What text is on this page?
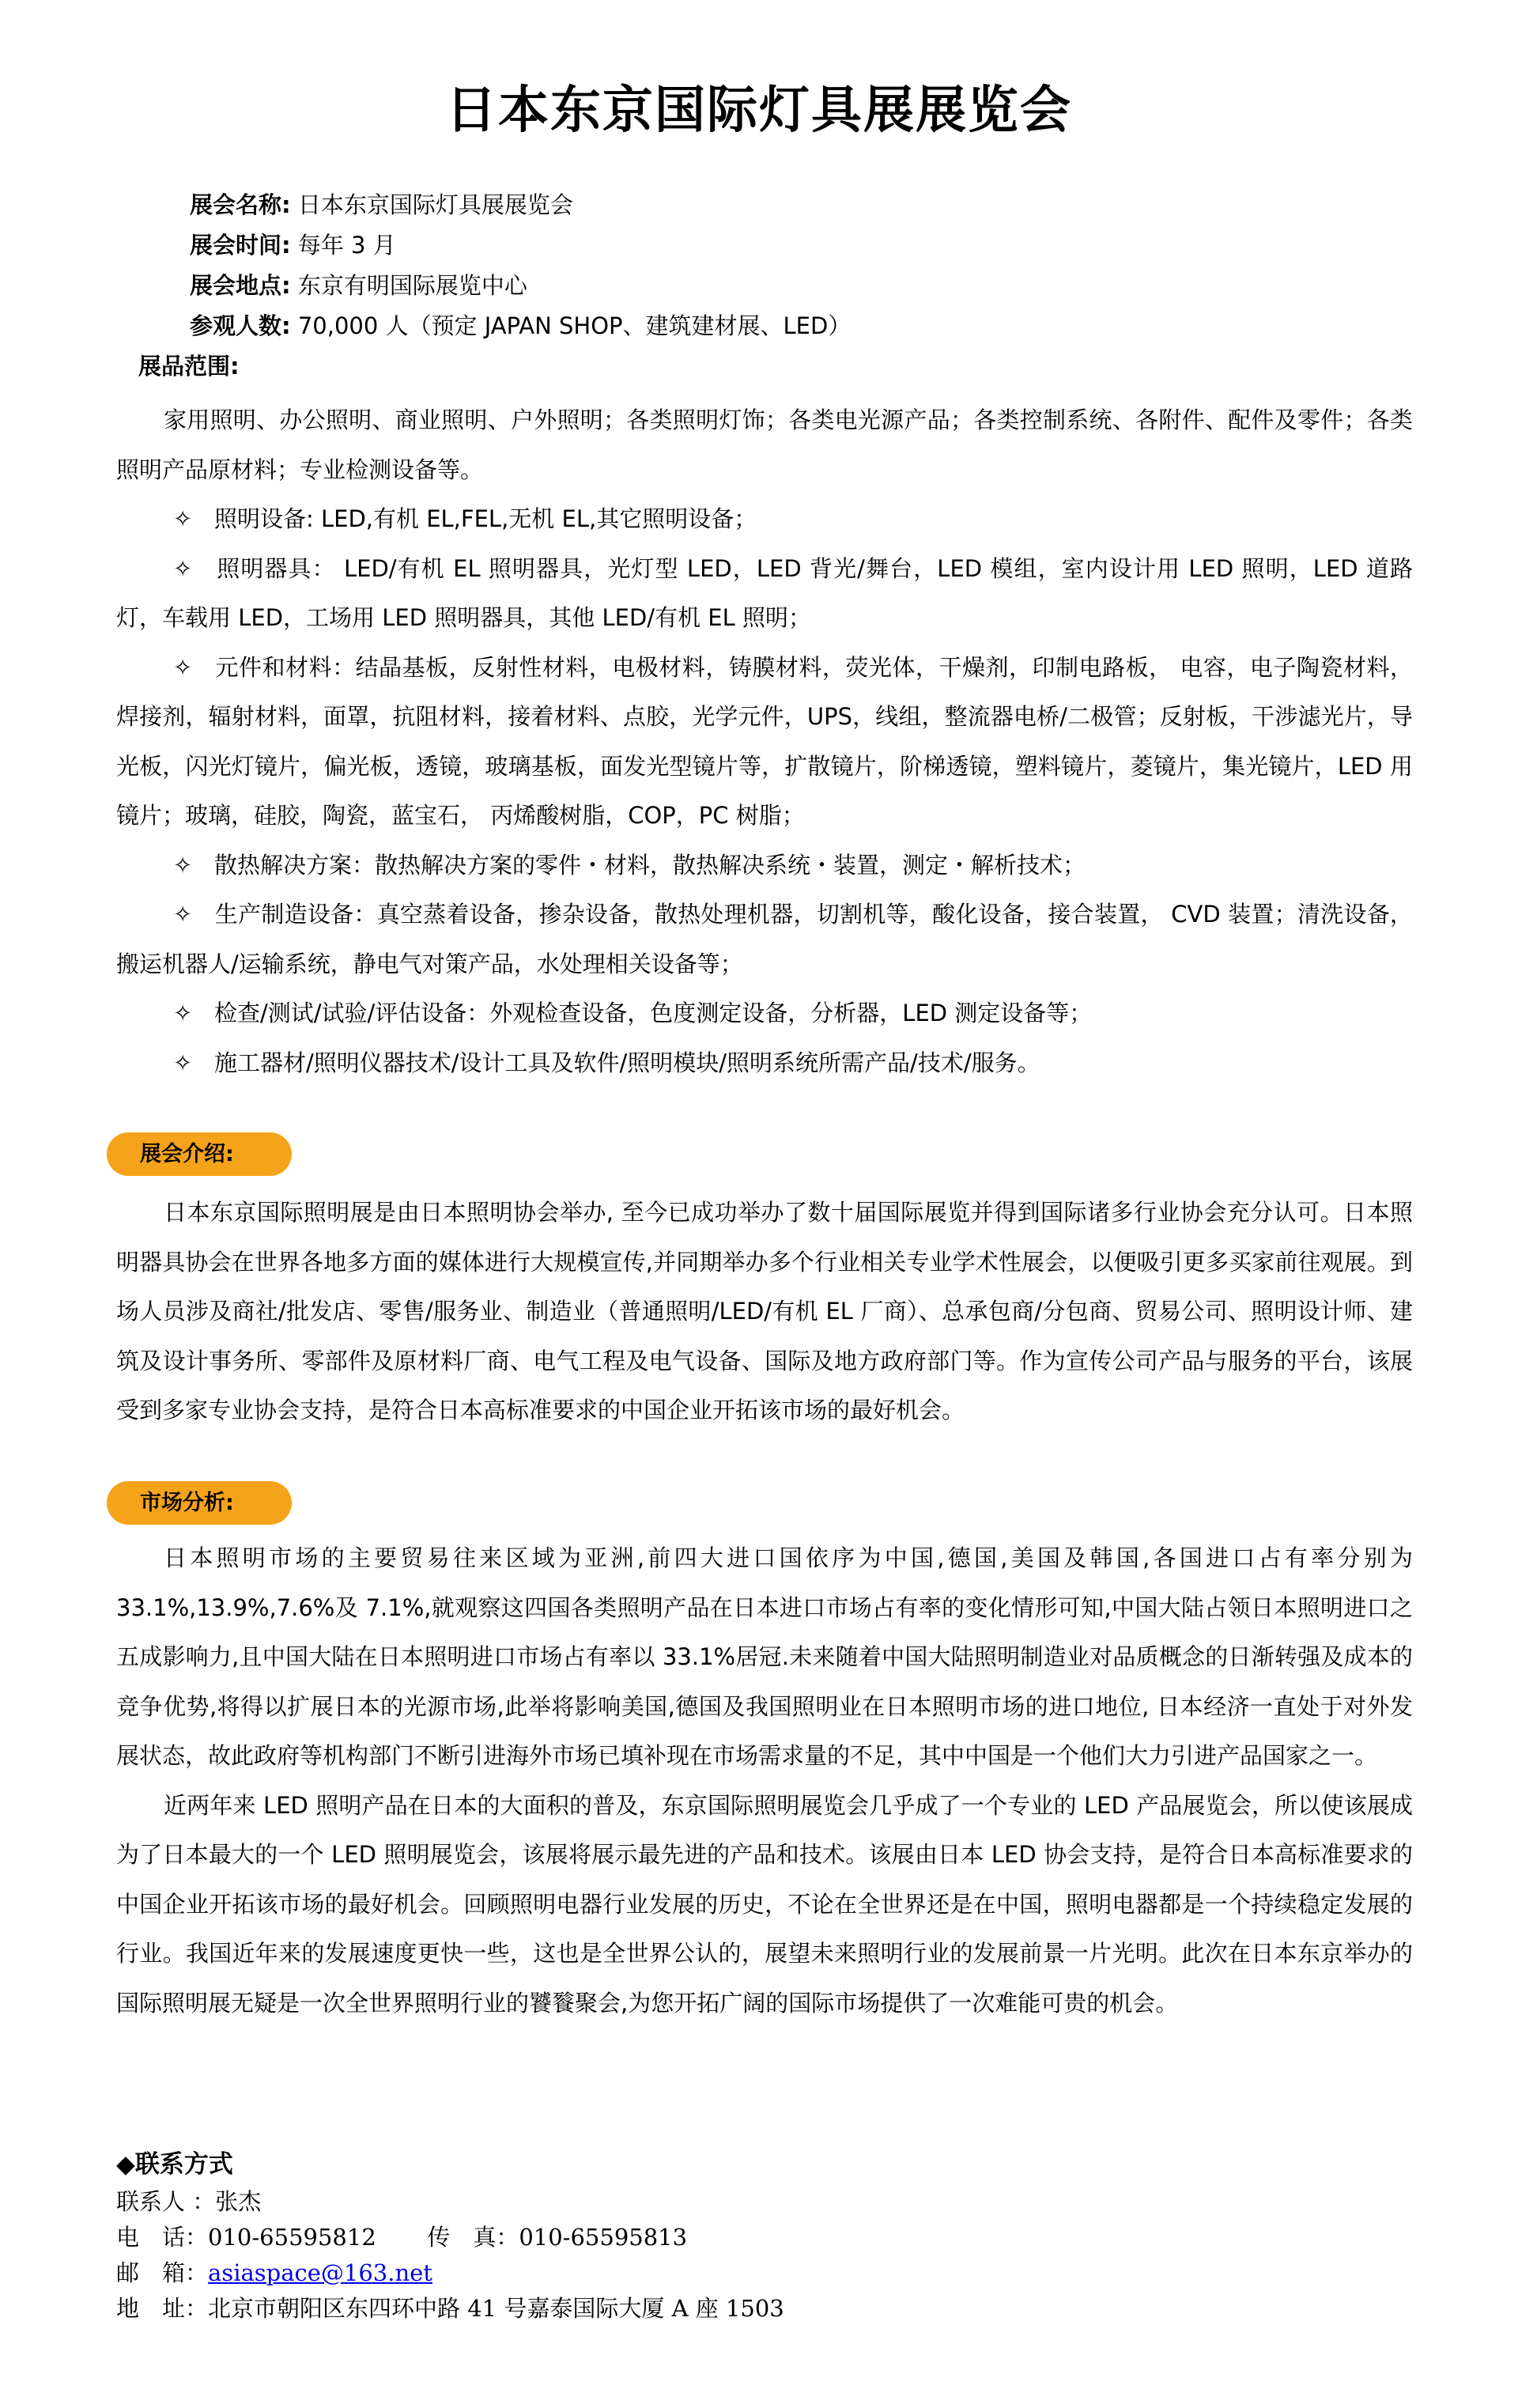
日本东京国际灯具展展览会
展会名称: 日本东京国际灯具展展览会
展会时间: 每年 3 月
展会地点: 东京有明国际展览中心
参观人数: 70,000 人（预定 JAPAN SHOP、建筑建材展、LED）
展品范围:
家用照明、办公照明、商业照明、户外照明；各类照明灯饰；各类电光源产品；各类控制系统、各附件、配件及零件；各类照明产品原材料；专业检测设备等。
✧ 照明设备: LED,有机 EL,FEL,无机 EL,其它照明设备；
✧ 照明器具： LED/有机 EL 照明器具，光灯型 LED，LED 背光/舞台，LED 模组，室内设计用 LED 照明，LED 道路灯，车载用 LED，工场用 LED 照明器具，其他 LED/有机 EL 照明；
✧ 元件和材料：结晶基板，反射性材料，电极材料，铸膜材料，荧光体，干燥剂，印制电路板， 电容，电子陶瓷材料，焊接剂，辐射材料，面罩，抗阻材料，接着材料、点胶，光学元件，UPS，线组，整流器电桥/二极管；反射板，干涉滤光片，导光板，闪光灯镜片，偏光板，透镜，玻璃基板，面发光型镜片等，扩散镜片，阶梯透镜，塑料镜片，菱镜片，集光镜片，LED 用镜片；玻璃，硅胶，陶瓷，蓝宝石， 丙烯酸树脂，COP，PC 树脂；
✧ 散热解决方案：散热解决方案的零件・材料，散热解决系统・装置，测定・解析技术；
✧ 生产制造设备：真空蒸着设备，掺杂设备，散热处理机器，切割机等，酸化设备，接合装置， CVD 装置；清洗设备，搬运机器人/运输系统，静电气对策产品，水处理相关设备等；
✧ 检查/测试/试验/评估设备：外观检查设备，色度测定设备，分析器，LED 测定设备等；
✧ 施工器材/照明仪器技术/设计工具及软件/照明模块/照明系统所需产品/技术/服务。
展会介绍:
日本东京国际照明展是由日本照明协会举办, 至今已成功举办了数十届国际展览并得到国际诸多行业协会充分认可。日本照明器具协会在世界各地多方面的媒体进行大规模宣传,并同期举办多个行业相关专业学术性展会，以便吸引更多买家前往观展。到场人员涉及商社/批发店、零售/服务业、制造业（普通照明/LED/有机 EL 厂商）、总承包商/分包商、贸易公司、照明设计师、建筑及设计事务所、零部件及原材料厂商、电气工程及电气设备、国际及地方政府部门等。作为宣传公司产品与服务的平台，该展受到多家专业协会支持，是符合日本高标准要求的中国企业开拓该市场的最好机会。
市场分析:
日本照明市场的主要贸易往来区域为亚洲,前四大进口国依序为中国,德国,美国及韩国,各国进口占有率分别为 33.1%,13.9%,7.6%及 7.1%,就观察这四国各类照明产品在日本进口市场占有率的变化情形可知,中国大陆占领日本照明进口之五成影响力,且中国大陆在日本照明进口市场占有率以 33.1%居冠.未来随着中国大陆照明制造业对品质概念的日渐转强及成本的竞争优势,将得以扩展日本的光源市场,此举将影响美国,德国及我国照明业在日本照明市场的进口地位, 日本经济一直处于对外发展状态，故此政府等机构部门不断引进海外市场已填补现在市场需求量的不足，其中中国是一个他们大力引进产品国家之一。
近两年来 LED 照明产品在日本的大面积的普及，东京国际照明展览会几乎成了一个专业的 LED 产品展览会，所以使该展成为了日本最大的一个 LED 照明展览会，该展将展示最先进的产品和技术。该展由日本 LED 协会支持，是符合日本高标准要求的中国企业开拓该市场的最好机会。回顾照明电器行业发展的历史，不论在全世界还是在中国，照明电器都是一个持续稳定发展的行业。我国近年来的发展速度更快一些，这也是全世界公认的，展望未来照明行业的发展前景一片光明。此次在日本东京举办的国际照明展无疑是一次全世界照明行业的饕餮聚会,为您开拓广阔的国际市场提供了一次难能可贵的机会。
◆联系方式
联系人 ：张杰
电　话：010-65595812 传　真：010-65595813
邮　箱：asiaspace@163.net
地　址：北京市朝阳区东四环中路 41 号嘉泰国际大厦 A 座 1503
